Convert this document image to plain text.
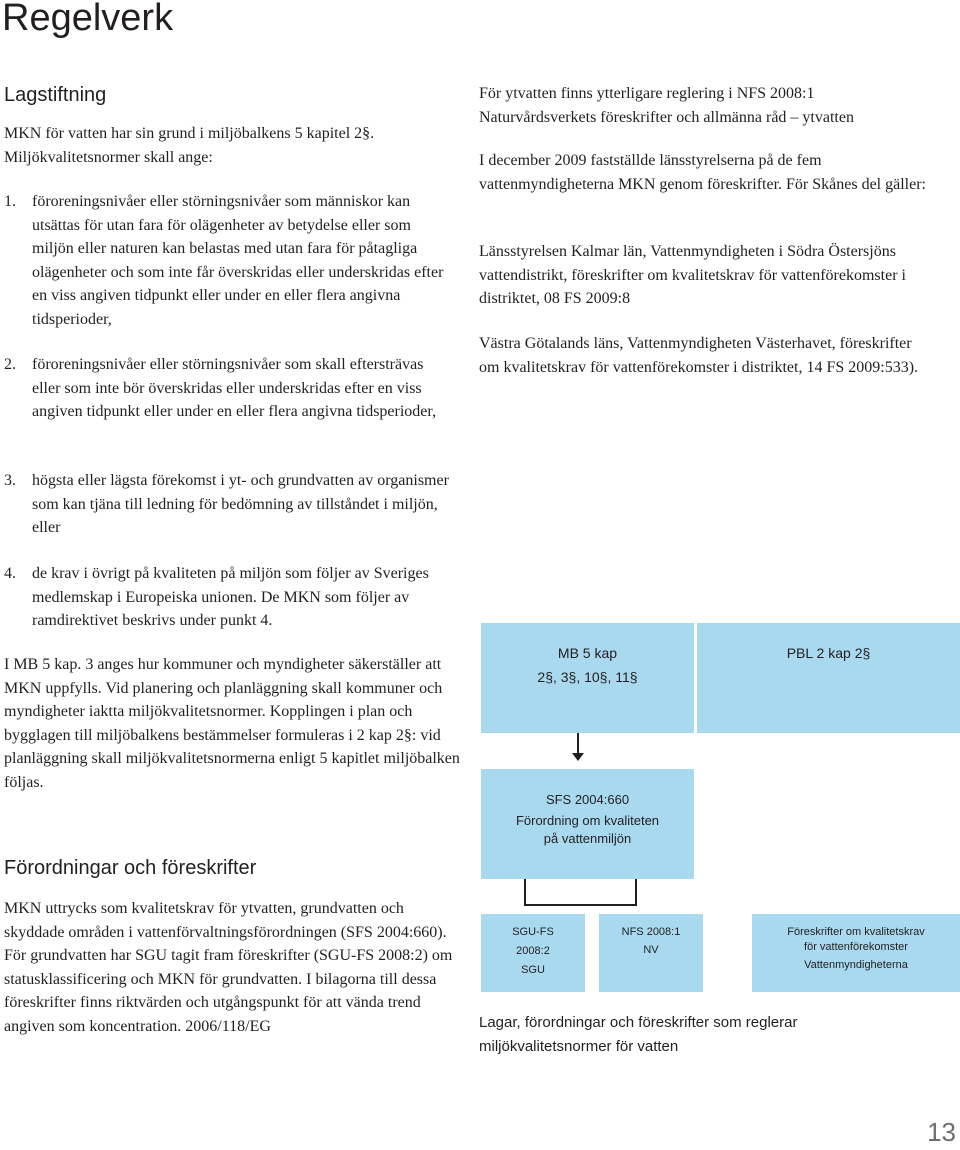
Regelverk
Lagstiftning

MKN för vatten har sin grund i miljöbalkens 5 kapitel 2§.
Miljökvalitetsnormer skall ange:

1. föroreningsnivåer eller störningsnivåer som människor kan utsättas för utan fara för olägenheter av betydelse eller som miljön eller naturen kan belastas med utan fara för påtagliga olägenheter och som inte får överskridas eller underskridas efter en viss angiven tidpunkt eller under en eller flera angivna tidsperioder,
2. föroreningsnivåer eller störningsnivåer som skall eftersträvas eller som inte bör överskridas eller underskridas efter en viss angiven tidpunkt eller under en eller flera angivna tidsperioder,
3. högsta eller lägsta förekomst i yt- och grundvatten av organismer som kan tjäna till ledning för bedömning av tillståndet i miljön, eller
4. de krav i övrigt på kvaliteten på miljön som följer av Sveriges medlemskap i Europeiska unionen. De MKN som följer av ramdirektivet beskrivs under punkt 4.

I MB 5 kap. 3 anges hur kommuner och myndigheter säkerställer att MKN uppfylls. Vid planering och planläggning skall kommuner och myndigheter iaktta miljökvalitetsnormer. Kopplingen i plan och bygglagen till miljöbalkens bestämmelser formuleras i 2 kap 2§: vid planläggning skall miljökvalitetsnormerna enligt 5 kapitlet miljöbalken följas.

Förordningar och föreskrifter

MKN uttrycks som kvalitetskrav för ytvatten, grundvatten och skyddade områden i vattenförvaltningsförordningen (SFS 2004:660). För grundvatten har SGU tagit fram föreskrifter (SGU-FS 2008:2) om statusklassificering och MKN för grundvatten. I bilagorna till dessa föreskrifter finns riktvärden och utgångspunkt för att vända trend angiven som koncentration. 2006/118/EG

För ytvatten finns ytterligare reglering i NFS 2008:1 Naturvårdsverkets föreskrifter och allmänna råd – ytvatten

I december 2009 fastställde länsstyrelserna på de fem vattenmyndigheterna MKN genom föreskrifter. För Skånes del gäller:

Länsstyrelsen Kalmar län, Vattenmyndigheten i Södra Östersjöns vattendistrikt, föreskrifter om kvalitetskrav för vattenförekomster i distriktet, 08 FS 2009:8

Västra Götalands läns, Vattenmyndigheten Västerhavet, föreskrifter om kvalitetskrav för vattenförekomster i distriktet, 14 FS 2009:533).

MB 5 kap
2§, 3§, 10§, 11§
PBL 2 kap 2§
SFS 2004:660
Förordning om kvaliteten
på vattenmiljön
SGU-FS
2008:2
SGU
NFS 2008:1
NV
Föreskrifter om kvalitetskrav
för vattenförekomster
Vattenmyndigheterna
Lagar, förordningar och föreskrifter som reglerar
miljökvalitetsnormer för vatten
13
